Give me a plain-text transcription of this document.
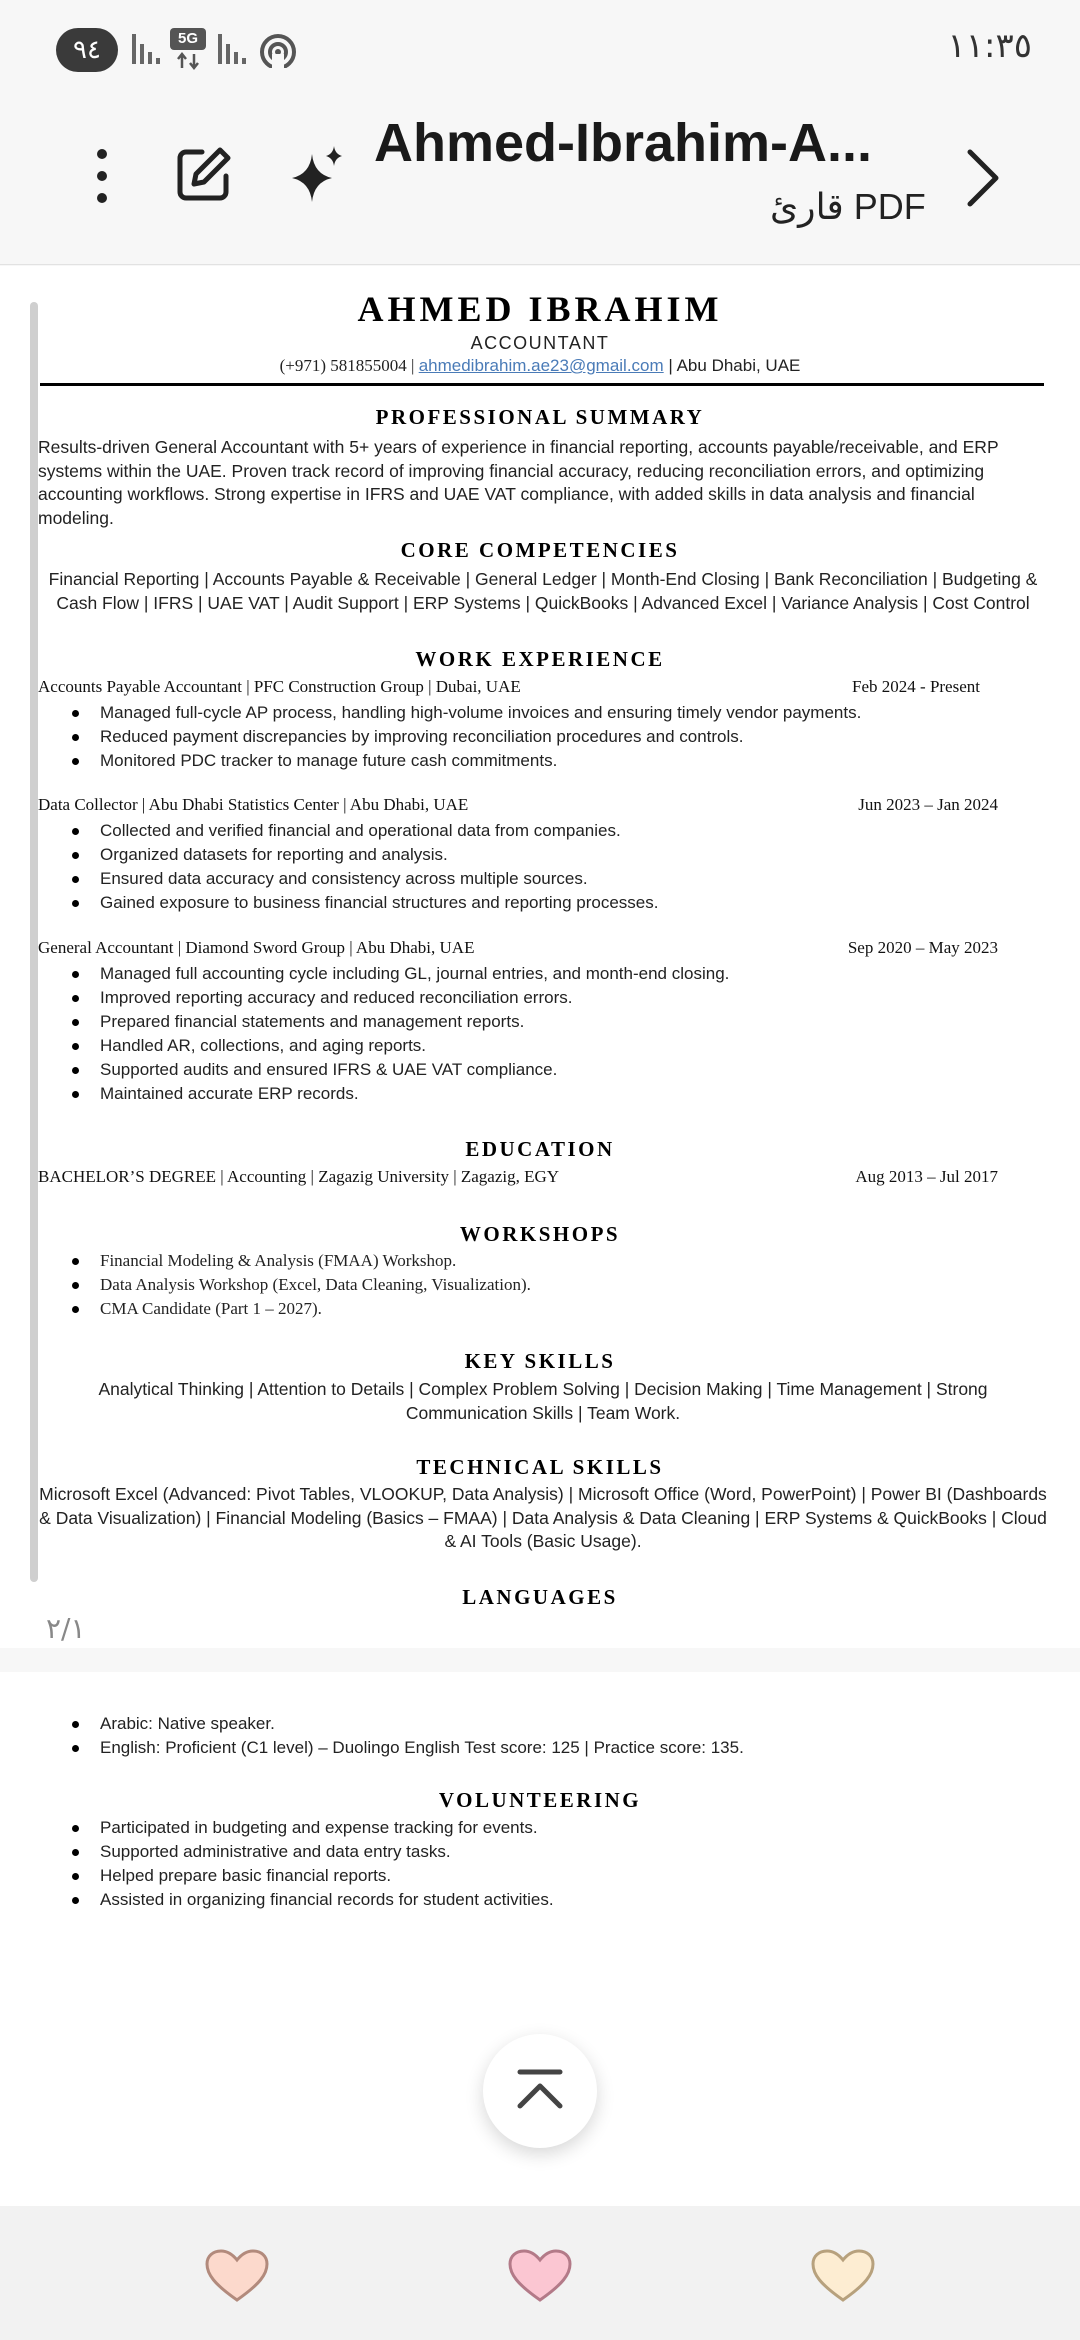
٩٤	5G	١١:٣٥
Ahmed-Ibrahim-A...
قارئ PDF
AHMED IBRAHIM
ACCOUNTANT
(+971) 581855004 | ahmedibrahim.ae23@gmail.com | Abu Dhabi, UAE
PROFESSIONAL SUMMARY
Results-driven General Accountant with 5+ years of experience in financial reporting, accounts payable/receivable, and ERP systems within the UAE. Proven track record of improving financial accuracy, reducing reconciliation errors, and optimizing accounting workflows. Strong expertise in IFRS and UAE VAT compliance, with added skills in data analysis and financial modeling.
CORE COMPETENCIES
Financial Reporting | Accounts Payable & Receivable | General Ledger | Month-End Closing | Bank Reconciliation | Budgeting & Cash Flow | IFRS | UAE VAT | Audit Support | ERP Systems | QuickBooks | Advanced Excel | Variance Analysis | Cost Control
WORK EXPERIENCE
Accounts Payable Accountant | PFC Construction Group | Dubai, UAE	Feb 2024 - Present
Managed full-cycle AP process, handling high-volume invoices and ensuring timely vendor payments.
Reduced payment discrepancies by improving reconciliation procedures and controls.
Monitored PDC tracker to manage future cash commitments.
Data Collector | Abu Dhabi Statistics Center | Abu Dhabi, UAE	Jun 2023 – Jan 2024
Collected and verified financial and operational data from companies.
Organized datasets for reporting and analysis.
Ensured data accuracy and consistency across multiple sources.
Gained exposure to business financial structures and reporting processes.
General Accountant | Diamond Sword Group | Abu Dhabi, UAE	Sep 2020 – May 2023
Managed full accounting cycle including GL, journal entries, and month-end closing.
Improved reporting accuracy and reduced reconciliation errors.
Prepared financial statements and management reports.
Handled AR, collections, and aging reports.
Supported audits and ensured IFRS & UAE VAT compliance.
Maintained accurate ERP records.
EDUCATION
BACHELOR’S DEGREE | Accounting | Zagazig University | Zagazig, EGY	Aug 2013 – Jul 2017
WORKSHOPS
Financial Modeling & Analysis (FMAA) Workshop.
Data Analysis Workshop (Excel, Data Cleaning, Visualization).
CMA Candidate (Part 1 – 2027).
KEY SKILLS
Analytical Thinking | Attention to Details | Complex Problem Solving | Decision Making | Time Management | Strong Communication Skills | Team Work.
TECHNICAL SKILLS
Microsoft Excel (Advanced: Pivot Tables, VLOOKUP, Data Analysis) | Microsoft Office (Word, PowerPoint) | Power BI (Dashboards & Data Visualization) | Financial Modeling (Basics – FMAA) | Data Analysis & Data Cleaning | ERP Systems & QuickBooks | Cloud & AI Tools (Basic Usage).
LANGUAGES
٢/١
Arabic: Native speaker.
English: Proficient (C1 level) – Duolingo English Test score: 125 | Practice score: 135.
VOLUNTEERING
Participated in budgeting and expense tracking for events.
Supported administrative and data entry tasks.
Helped prepare basic financial reports.
Assisted in organizing financial records for student activities.
